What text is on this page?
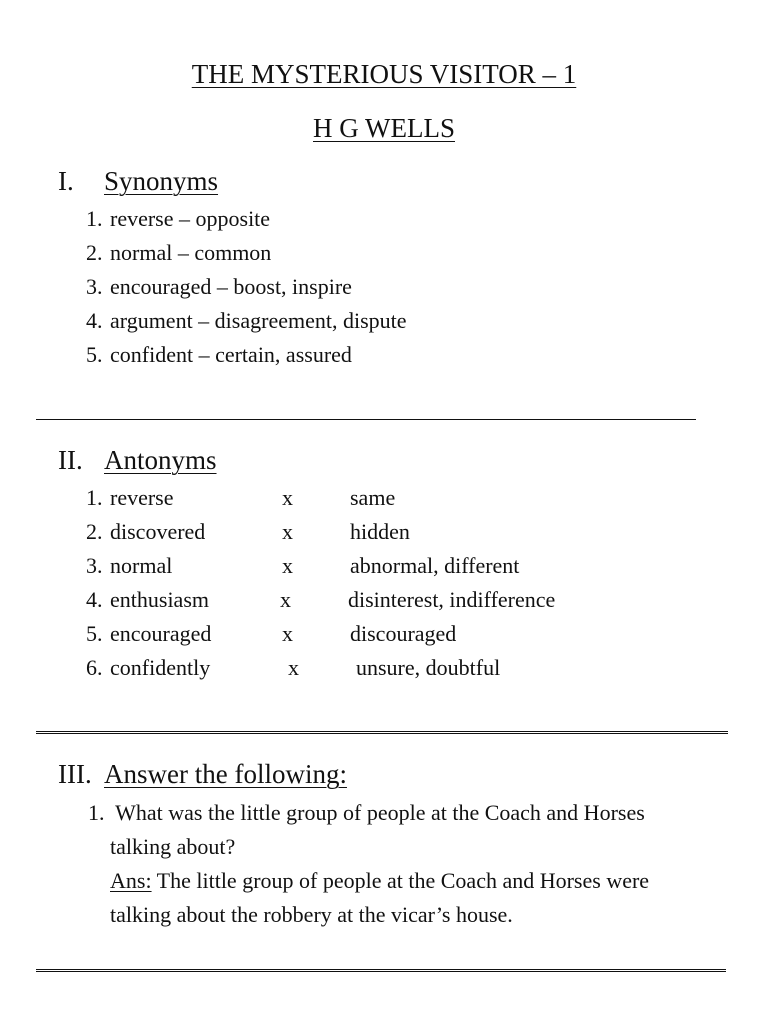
THE MYSTERIOUS VISITOR – 1
H G WELLS
I. Synonyms
1. reverse – opposite
2. normal – common
3. encouraged – boost, inspire
4. argument – disagreement, dispute
5. confident – certain, assured
II. Antonyms
1. reverse	x	same
2. discovered	x	hidden
3. normal	x	abnormal, different
4. enthusiasm	x	disinterest, indifference
5. encouraged	x	discouraged
6. confidently	x	unsure, doubtful
III. Answer the following:
1. What was the little group of people at the Coach and Horses
talking about?
Ans: The little group of people at the Coach and Horses were
talking about the robbery at the vicar’s house.
